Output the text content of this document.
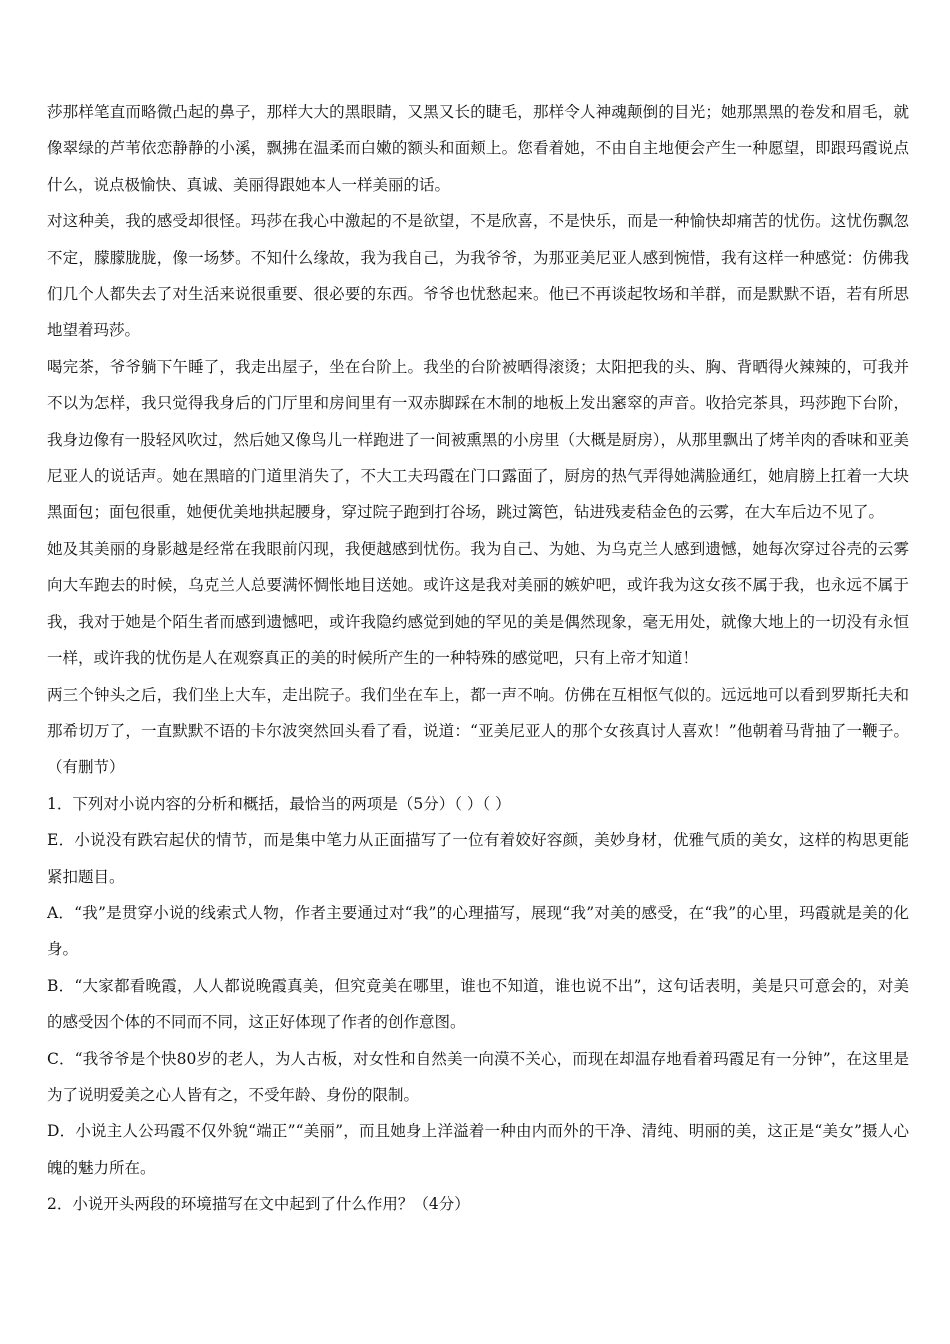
莎那样笔直而略微凸起的鼻子，那样大大的黑眼睛，又黑又长的睫毛，那样令人神魂颠倒的目光；她那黑黑的卷发和眉毛，就像翠绿的芦苇依恋静静的小溪，飘拂在温柔而白嫩的额头和面颊上。您看着她，不由自主地便会产生一种愿望，即跟玛霞说点什么，说点极愉快、真诚、美丽得跟她本人一样美丽的话。

对这种美，我的感受却很怪。玛莎在我心中激起的不是欲望，不是欣喜，不是快乐，而是一种愉快却痛苦的忧伤。这忧伤飘忽不定，朦朦胧胧，像一场梦。不知什么缘故，我为我自己，为我爷爷，为那亚美尼亚人感到惋惜，我有这样一种感觉：仿佛我们几个人都失去了对生活来说很重要、很必要的东西。爷爷也忧愁起来。他已不再谈起牧场和羊群，而是默默不语，若有所思地望着玛莎。

喝完茶，爷爷躺下午睡了，我走出屋子，坐在台阶上。我坐的台阶被晒得滚烫；太阳把我的头、胸、背晒得火辣辣的，可我并不以为怎样，我只觉得我身后的门厅里和房间里有一双赤脚踩在木制的地板上发出窸窣的声音。收拾完茶具，玛莎跑下台阶，我身边像有一股轻风吹过，然后她又像鸟儿一样跑进了一间被熏黑的小房里（大概是厨房），从那里飘出了烤羊肉的香味和亚美尼亚人的说话声。她在黑暗的门道里消失了，不大工夫玛霞在门口露面了，厨房的热气弄得她满脸通红，她肩膀上扛着一大块黑面包；面包很重，她便优美地拱起腰身，穿过院子跑到打谷场，跳过篱笆，钻进残麦秸金色的云雾，在大车后边不见了。

她及其美丽的身影越是经常在我眼前闪现，我便越感到忧伤。我为自己、为她、为乌克兰人感到遗憾，她每次穿过谷壳的云雾向大车跑去的时候，乌克兰人总要满怀惆怅地目送她。或许这是我对美丽的嫉妒吧，或许我为这女孩不属于我，也永远不属于我，我对于她是个陌生者而感到遗憾吧，或许我隐约感觉到她的罕见的美是偶然现象，毫无用处，就像大地上的一切没有永恒一样，或许我的忧伤是人在观察真正的美的时候所产生的一种特殊的感觉吧，只有上帝才知道！

两三个钟头之后，我们坐上大车，走出院子。我们坐在车上，都一声不响。仿佛在互相怄气似的。远远地可以看到罗斯托夫和那希切万了，一直默默不语的卡尔波突然回头看了看，说道：“亚美尼亚人的那个女孩真讨人喜欢！”他朝着马背抽了一鞭子。（有删节）

1．下列对小说内容的分析和概括，最恰当的两项是（5分）（ ）（ ）

E．小说没有跌宕起伏的情节，而是集中笔力从正面描写了一位有着姣好容颜，美妙身材，优雅气质的美女，这样的构思更能紧扣题目。

A．“我”是贯穿小说的线索式人物，作者主要通过对“我”的心理描写，展现“我”对美的感受，在“我”的心里，玛霞就是美的化身。

B．“大家都看晚霞，人人都说晚霞真美，但究竟美在哪里，谁也不知道，谁也说不出”，这句话表明，美是只可意会的，对美的感受因个体的不同而不同，这正好体现了作者的创作意图。

C．“我爷爷是个快80岁的老人，为人古板，对女性和自然美一向漠不关心，而现在却温存地看着玛霞足有一分钟”，在这里是为了说明爱美之心人皆有之，不受年龄、身份的限制。

D．小说主人公玛霞不仅外貌“端正”“美丽”，而且她身上洋溢着一种由内而外的干净、清纯、明丽的美，这正是“美女”摄人心魄的魅力所在。

2．小说开头两段的环境描写在文中起到了什么作用？（4分）
